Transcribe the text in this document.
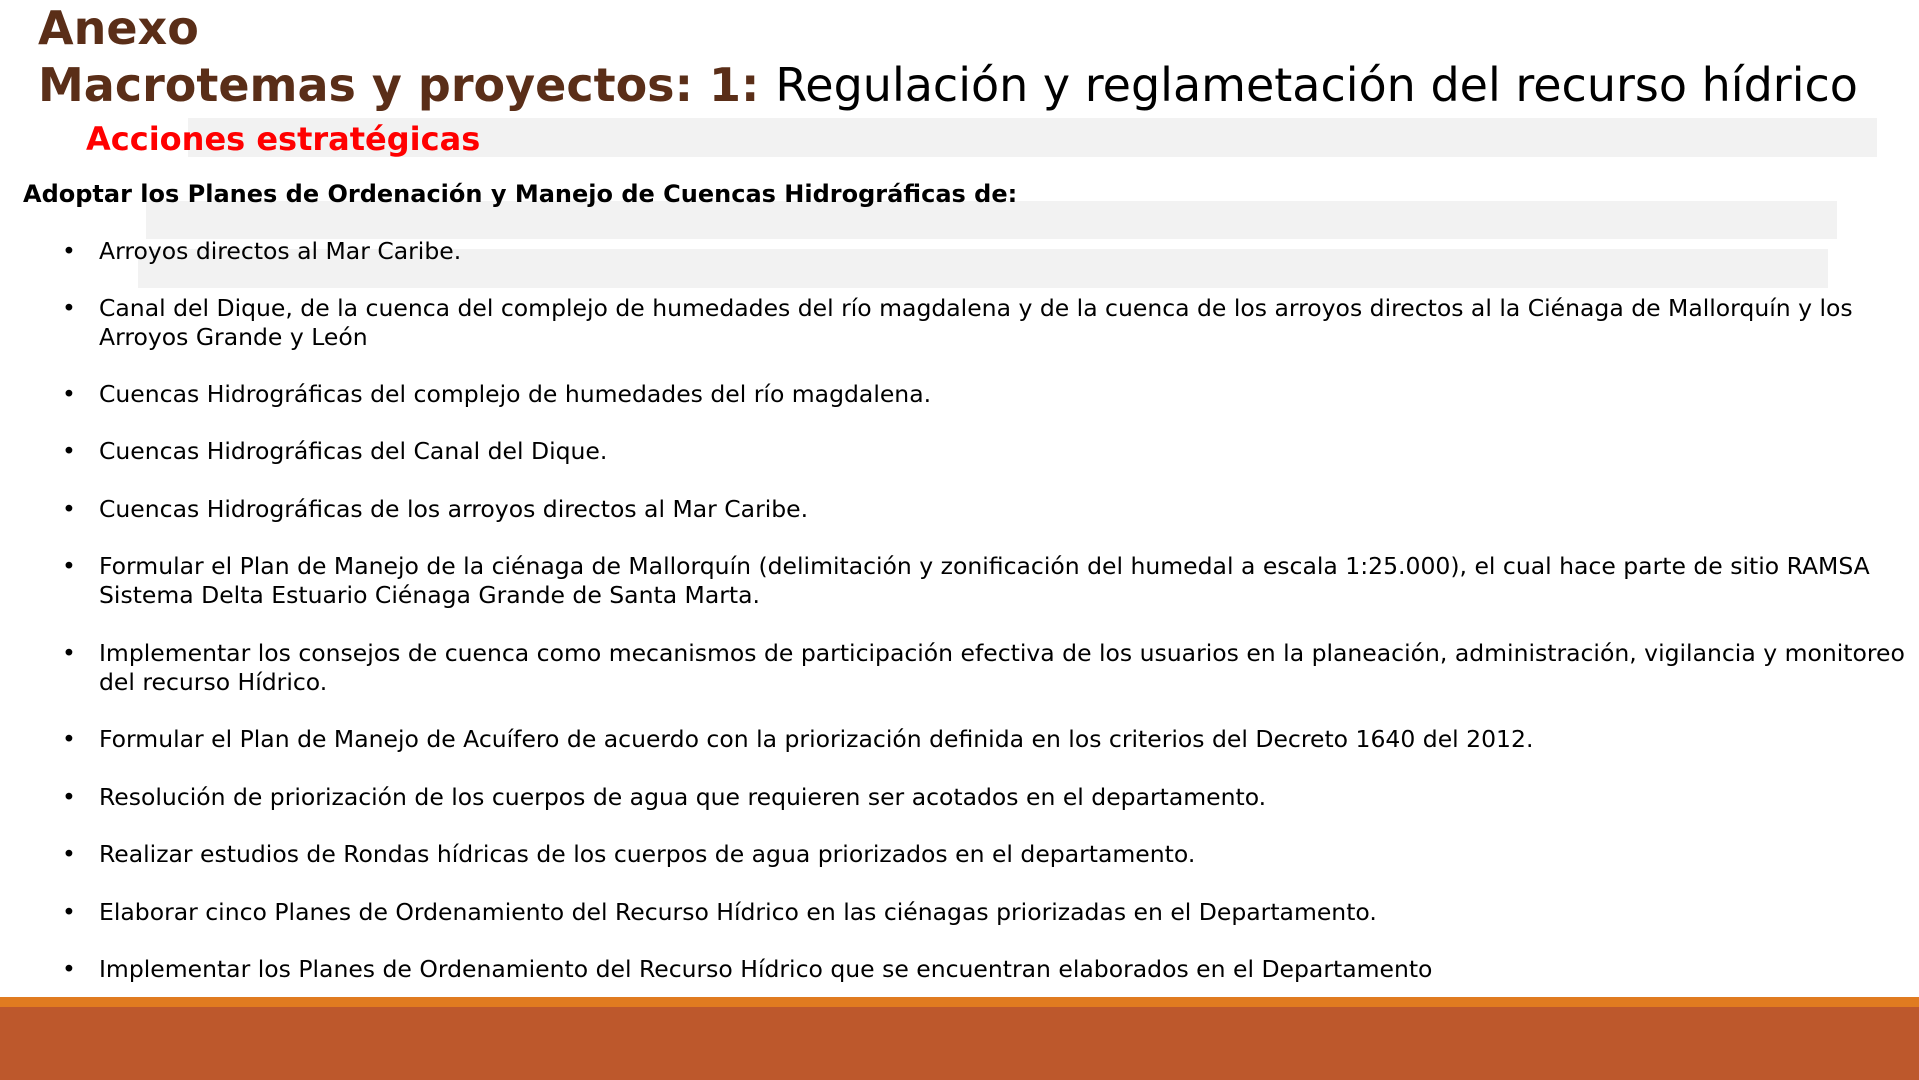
Anexo
Macrotemas y proyectos: 1: Regulación y reglametación del recurso hídrico
Acciones estratégicas
Adoptar los Planes de Ordenación y Manejo de Cuencas Hidrográficas de:
• Arroyos directos al Mar Caribe.
• Canal del Dique, de la cuenca del complejo de humedades del río magdalena y de la cuenca de los arroyos directos al la Ciénaga de Mallorquín y los Arroyos Grande y León
• Cuencas Hidrográficas del complejo de humedades del río magdalena.
• Cuencas Hidrográficas del Canal del Dique.
• Cuencas Hidrográficas de los arroyos directos al Mar Caribe.
• Formular el Plan de Manejo de la ciénaga de Mallorquín (delimitación y zonificación del humedal a escala 1:25.000), el cual hace parte de sitio RAMSA Sistema Delta Estuario Ciénaga Grande de Santa Marta.
• Implementar los consejos de cuenca como mecanismos de participación efectiva de los usuarios en la planeación, administración, vigilancia y monitoreo del recurso Hídrico.
• Formular el Plan de Manejo de Acuífero de acuerdo con la priorización definida en los criterios del Decreto 1640 del 2012.
• Resolución de priorización de los cuerpos de agua que requieren ser acotados en el departamento.
• Realizar estudios de Rondas hídricas de los cuerpos de agua priorizados en el departamento.
• Elaborar cinco Planes de Ordenamiento del Recurso Hídrico en las ciénagas priorizadas en el Departamento.
• Implementar los Planes de Ordenamiento del Recurso Hídrico que se encuentran elaborados en el Departamento
